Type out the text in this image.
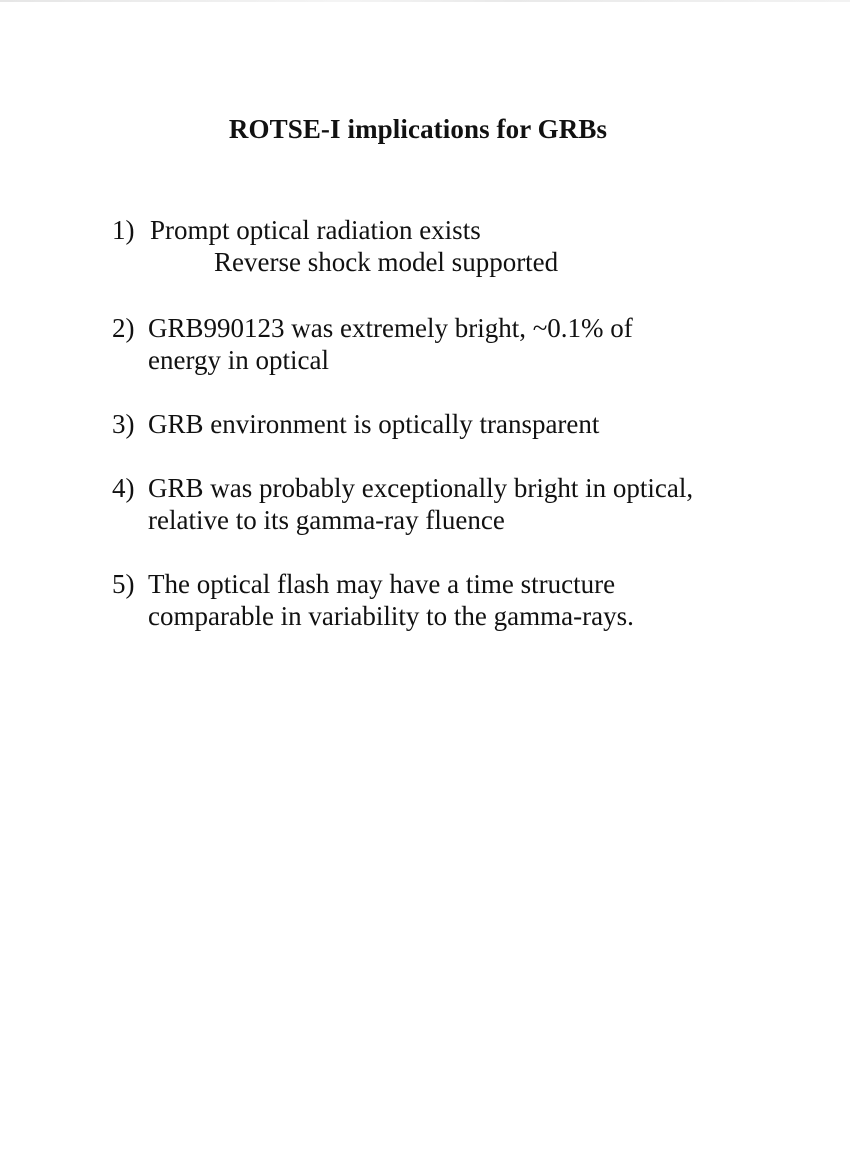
ROTSE-I implications for GRBs
1) Prompt optical radiation exists
Reverse shock model supported
2) GRB990123 was extremely bright, ~0.1% of
energy in optical
3) GRB environment is optically transparent
4) GRB was probably exceptionally bright in optical,
relative to its gamma-ray fluence
5) The optical flash may have a time structure
comparable in variability to the gamma-rays.
